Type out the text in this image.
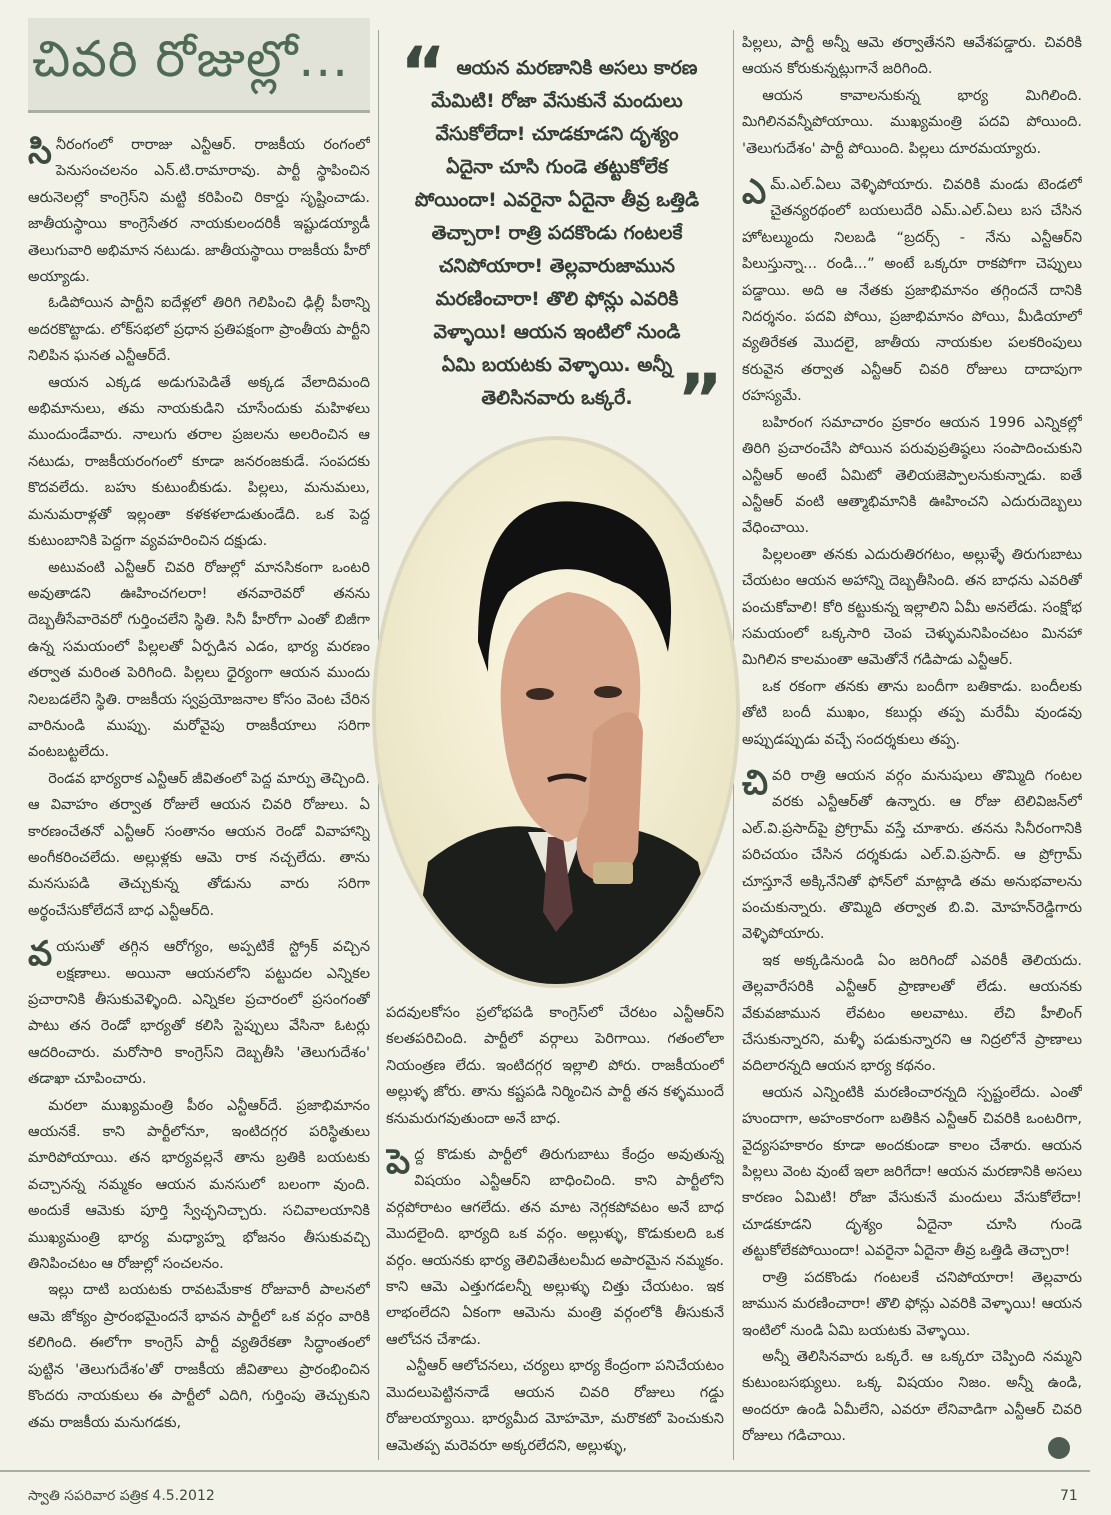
చివరి రోజుల్లో...

సినీరంగంలో రారాజు ఎన్టీఆర్. రాజకీయ రంగంలో పెనుసంచలనం ఎన్.టి.రామారావు. పార్టీ స్థాపించిన ఆరునెలల్లో కాంగ్రెస్‌ని మట్టి కరిపించి రికార్డు సృష్టించాడు. జాతీయస్థాయి కాంగ్రెసేతర నాయకులందరికీ ఇష్టుడయ్యాడీ తెలుగువారి అభిమాన నటుడు. జాతీయస్థాయి రాజకీయ హీరో అయ్యాడు.

ఓడిపోయిన పార్టీని ఐదేళ్లలో తిరిగి గెలిపించి ఢిల్లీ పీఠాన్ని అదరకొట్టాడు. లోక్‌సభలో ప్రధాన ప్రతిపక్షంగా ప్రాంతీయ పార్టీని నిలిపిన ఘనత ఎన్టీఆర్‌దే.

ఆయన ఎక్కడ అడుగుపెడితే అక్కడ వేలాదిమంది అభిమానులు, తమ నాయకుడిని చూసేందుకు మహిళలు ముందుండేవారు. నాలుగు తరాల ప్రజలను అలరించిన ఆ నటుడు, రాజకీయరంగంలో కూడా జనరంజకుడే. సంపదకు కొదవలేదు. బహు కుటుంబీకుడు. పిల్లలు, మనుమలు, మనుమరాళ్లతో ఇల్లంతా కళకళలాడుతుండేది. ఒక పెద్ద కుటుంబానికి పెద్దగా వ్యవహరించిన దక్షుడు.

అటువంటి ఎన్టీఆర్ చివరి రోజుల్లో మానసికంగా ఒంటరి అవుతాడని ఊహించగలరా! తనవారెవరో తనను దెబ్బతీసేవారెవరో గుర్తించలేని స్థితి. సినీ హీరోగా ఎంతో బిజీగా ఉన్న సమయంలో పిల్లలతో ఏర్పడిన ఎడం, భార్య మరణం తర్వాత మరింత పెరిగింది. పిల్లలు ధైర్యంగా ఆయన ముందు నిలబడలేని స్థితి. రాజకీయ స్వప్రయోజనాల కోసం వెంట చేరిన వారినుండి ముప్పు. మరోవైపు రాజకీయాలు సరిగా వంటబట్టలేదు.

రెండవ భార్యరాక ఎన్టీఆర్ జీవితంలో పెద్ద మార్పు తెచ్చింది. ఆ వివాహం తర్వాత రోజులే ఆయన చివరి రోజులు. ఏ కారణంచేతనో ఎన్టీఆర్ సంతానం ఆయన రెండో వివాహాన్ని అంగీకరించలేదు. అల్లుళ్లకు ఆమె రాక నచ్చలేదు. తాను మనసుపడి తెచ్చుకున్న తోడును వారు సరిగా అర్థంచేసుకోలేదనే బాధ ఎన్టీఆర్‌ది.

వయసుతో తగ్గిన ఆరోగ్యం, అప్పటికే స్ట్రోక్ వచ్చిన లక్షణాలు. అయినా ఆయనలోని పట్టుదల ఎన్నికల ప్రచారానికి తీసుకువెళ్ళింది. ఎన్నికల ప్రచారంలో ప్రసంగంతో పాటు తన రెండో భార్యతో కలిసి స్టెప్పులు వేసినా ఓటర్లు ఆదరించారు. మరోసారి కాంగ్రెస్‌ని దెబ్బతీసి 'తెలుగుదేశం' తడాఖా చూపించారు.

మరలా ముఖ్యమంత్రి పీఠం ఎన్టీఆర్‌దే. ప్రజాభిమానం ఆయనకే. కాని పార్టీలోనూ, ఇంటిదగ్గర పరిస్థితులు మారిపోయాయి. తన భార్యవల్లనే తాను బ్రతికి బయటకు వచ్చానన్న నమ్మకం ఆయన మనసులో బలంగా వుంది. అందుకే ఆమెకు పూర్తి స్వేచ్ఛనిచ్చారు. సచివాలయానికి ముఖ్యమంత్రి భార్య మధ్యాహ్న భోజనం తీసుకువచ్చి తినిపించటం ఆ రోజుల్లో సంచలనం.

ఇల్లు దాటి బయటకు రావటమేకాక రోజువారీ పాలనలో ఆమె జోక్యం ప్రారంభమైందనే భావన పార్టీలో ఒక వర్గం వారికి కలిగింది. ఈలోగా కాంగ్రెస్ పార్టీ వ్యతిరేకతా సిద్ధాంతంలో పుట్టిన 'తెలుగుదేశం'తో రాజకీయ జీవితాలు ప్రారంభించిన కొందరు నాయకులు ఈ పార్టీలో ఎదిగి, గుర్తింపు తెచ్చుకుని తమ రాజకీయ మనుగడకు,

“ ఆయన మరణానికి అసలు కారణ
మేమిటి! రోజా వేసుకునే మందులు
వేసుకోలేదా! చూడకూడని దృశ్యం
ఏదైనా చూసి గుండె తట్టుకోలేక
పోయిందా! ఎవరైనా ఏదైనా తీవ్ర ఒత్తిడి
తెచ్చారా! రాత్రి పదకొండు గంటలకే
చనిపోయారా! తెల్లవారుజామున
మరణించారా! తొలి ఫోన్లు ఎవరికి
వెళ్ళాయి! ఆయన ఇంటిలో నుండి
ఏమి బయటకు వెళ్ళాయి. అన్నీ
తెలిసినవారు ఒక్కరే. ”

పదవులకోసం ప్రలోభపడి కాంగ్రెస్‌లో చేరటం ఎన్టీఆర్‌ని కలతపరిచింది. పార్టీలో వర్గాలు పెరిగాయి. గతంలోలా నియంత్రణ లేదు. ఇంటిదగ్గర ఇల్లాలి పోరు. రాజకీయంలో అల్లుళ్ళ జోరు. తాను కష్టపడి నిర్మించిన పార్టీ తన కళ్ళముందే కనుమరుగవుతుందా అనే బాధ.

పెద్ద కొడుకు పార్టీలో తిరుగుబాటు కేంద్రం అవుతున్న విషయం ఎన్టీఆర్‌ని బాధించింది. కాని పార్టీలోని వర్గపోరాటం ఆగలేదు. తన మాట నెగ్గకపోవటం అనే బాధ మొదలైంది. భార్యది ఒక వర్గం. అల్లుళ్ళు, కొడుకులది ఒక వర్గం. ఆయనకు భార్య తెలివితేటలమీద అపారమైన నమ్మకం. కాని ఆమె ఎత్తుగడలన్నీ అల్లుళ్ళు చిత్తు చేయటం. ఇక లాభంలేదని ఏకంగా ఆమెను మంత్రి వర్గంలోకి తీసుకునే ఆలోచన చేశాడు.

ఎన్టీఆర్ ఆలోచనలు, చర్యలు భార్య కేంద్రంగా పనిచేయటం మొదలుపెట్టిననాడే ఆయన చివరి రోజులు గడ్డు రోజులయ్యాయి. భార్యమీద మోహమో, మరొకటో పెంచుకుని ఆమెతప్ప మరెవరూ అక్కరలేదని, అల్లుళ్ళు,

పిల్లలు, పార్టీ అన్నీ ఆమె తర్వాతేనని ఆవేశపడ్డారు. చివరికి ఆయన కోరుకున్నట్లుగానే జరిగింది.

ఆయన కావాలనుకున్న భార్య మిగిలింది. మిగిలినవన్నీపోయాయి. ముఖ్యమంత్రి పదవి పోయింది. 'తెలుగుదేశం' పార్టీ పోయింది. పిల్లలు దూరమయ్యారు.

ఎమ్.ఎల్.ఏలు వెళ్ళిపోయారు. చివరికి మండు టెండలో చైతన్యరథంలో బయలుదేరి ఎమ్.ఎల్.ఏలు బస చేసిన హోటల్ముందు నిలబడి “బ్రదర్స్ - నేను ఎన్టీఆర్‌ని పిలుస్తున్నా... రండి...” అంటే ఒక్కరూ రాకపోగా చెప్పులు పడ్డాయి. అది ఆ నేతకు ప్రజాభిమానం తగ్గిందనే దానికి నిదర్శనం. పదవి పోయి, ప్రజాభిమానం పోయి, మీడియాలో వ్యతిరేకత మొదలై, జాతీయ నాయకుల పలకరింపులు కరువైన తర్వాత ఎన్టీఆర్ చివరి రోజులు దాదాపుగా రహస్యమే.

బహిరంగ సమాచారం ప్రకారం ఆయన 1996 ఎన్నికల్లో తిరిగి ప్రచారంచేసి పోయిన పరువుప్రతిష్ఠలు సంపాదించుకుని ఎన్టీఆర్ అంటే ఏమిటో తెలియజెప్పాలనుకున్నాడు. ఐతే ఎన్టీఆర్ వంటి ఆత్మాభిమానికి ఊహించని ఎదురుదెబ్బలు వేధించాయి.

పిల్లలంతా తనకు ఎదురుతిరగటం, అల్లుళ్ళే తిరుగుబాటు చేయటం ఆయన అహాన్ని దెబ్బతీసింది. తన బాధను ఎవరితో పంచుకోవాలి! కోరి కట్టుకున్న ఇల్లాలిని ఏమీ అనలేడు. సంక్షోభ సమయంలో ఒక్కసారి చెంప చెళ్ళుమనిపించటం మినహా మిగిలిన కాలమంతా ఆమెతోనే గడిపాడు ఎన్టీఆర్.

ఒక రకంగా తనకు తాను బందీగా బతికాడు. బందీలకు తోటి బందీ ముఖం, కబుర్లు తప్ప మరేమీ వుండవు అప్పుడప్పుడు వచ్చే సందర్శకులు తప్ప.

చివరి రాత్రి ఆయన వర్గం మనుషులు తొమ్మిది గంటల వరకు ఎన్టీఆర్‌తో ఉన్నారు. ఆ రోజు టెలివిజన్‌లో ఎల్.వి.ప్రసాద్‌పై ప్రోగ్రామ్ వస్తే చూశారు. తనను సినీరంగానికి పరిచయం చేసిన దర్శకుడు ఎల్.వి.ప్రసాద్. ఆ ప్రోగ్రామ్ చూస్తూనే అక్కినేనితో ఫోన్‌లో మాట్లాడి తమ అనుభవాలను పంచుకున్నారు. తొమ్మిది తర్వాత బి.వి. మోహన్‌రెడ్డిగారు వెళ్ళిపోయారు.

ఇక అక్కడినుండి ఏం జరిగిందో ఎవరికీ తెలియదు. తెల్లవారేసరికి ఎన్టీఆర్ ప్రాణాలతో లేడు. ఆయనకు వేకువజామున లేవటం అలవాటు. లేచి హీలింగ్ చేసుకున్నారని, మళ్ళీ పడుకున్నారని ఆ నిద్రలోనే ప్రాణాలు వదిలారన్నది ఆయన భార్య కథనం.

ఆయన ఎన్నింటికి మరణించారన్నది స్పష్టంలేదు. ఎంతో హుందాగా, అహంకారంగా బతికిన ఎన్టీఆర్ చివరికి ఒంటరిగా, వైద్యసహకారం కూడా అందకుండా కాలం చేశారు. ఆయన పిల్లలు వెంట వుంటే ఇలా జరిగేదా! ఆయన మరణానికి అసలు కారణం ఏమిటి! రోజా వేసుకునే మందులు వేసుకోలేదా! చూడకూడని దృశ్యం ఏదైనా చూసి గుండె తట్టుకోలేకపోయిందా! ఎవరైనా ఏదైనా తీవ్ర ఒత్తిడి తెచ్చారా!

రాత్రి పదకొండు గంటలకే చనిపోయారా! తెల్లవారు జామున మరణించారా! తొలి ఫోన్లు ఎవరికి వెళ్ళాయి! ఆయన ఇంటిలో నుండి ఏమి బయటకు వెళ్ళాయి.

అన్నీ తెలిసినవారు ఒక్కరే. ఆ ఒక్కరూ చెప్పింది నమ్మని కుటుంబసభ్యులు. ఒక్క విషయం నిజం. అన్నీ ఉండి, అందరూ ఉండి ఏమీలేని, ఎవరూ లేనివాడిగా ఎన్టీఆర్ చివరి రోజులు గడిచాయి.

స్వాతి సపరివార పత్రిక 4.5.2012	71
